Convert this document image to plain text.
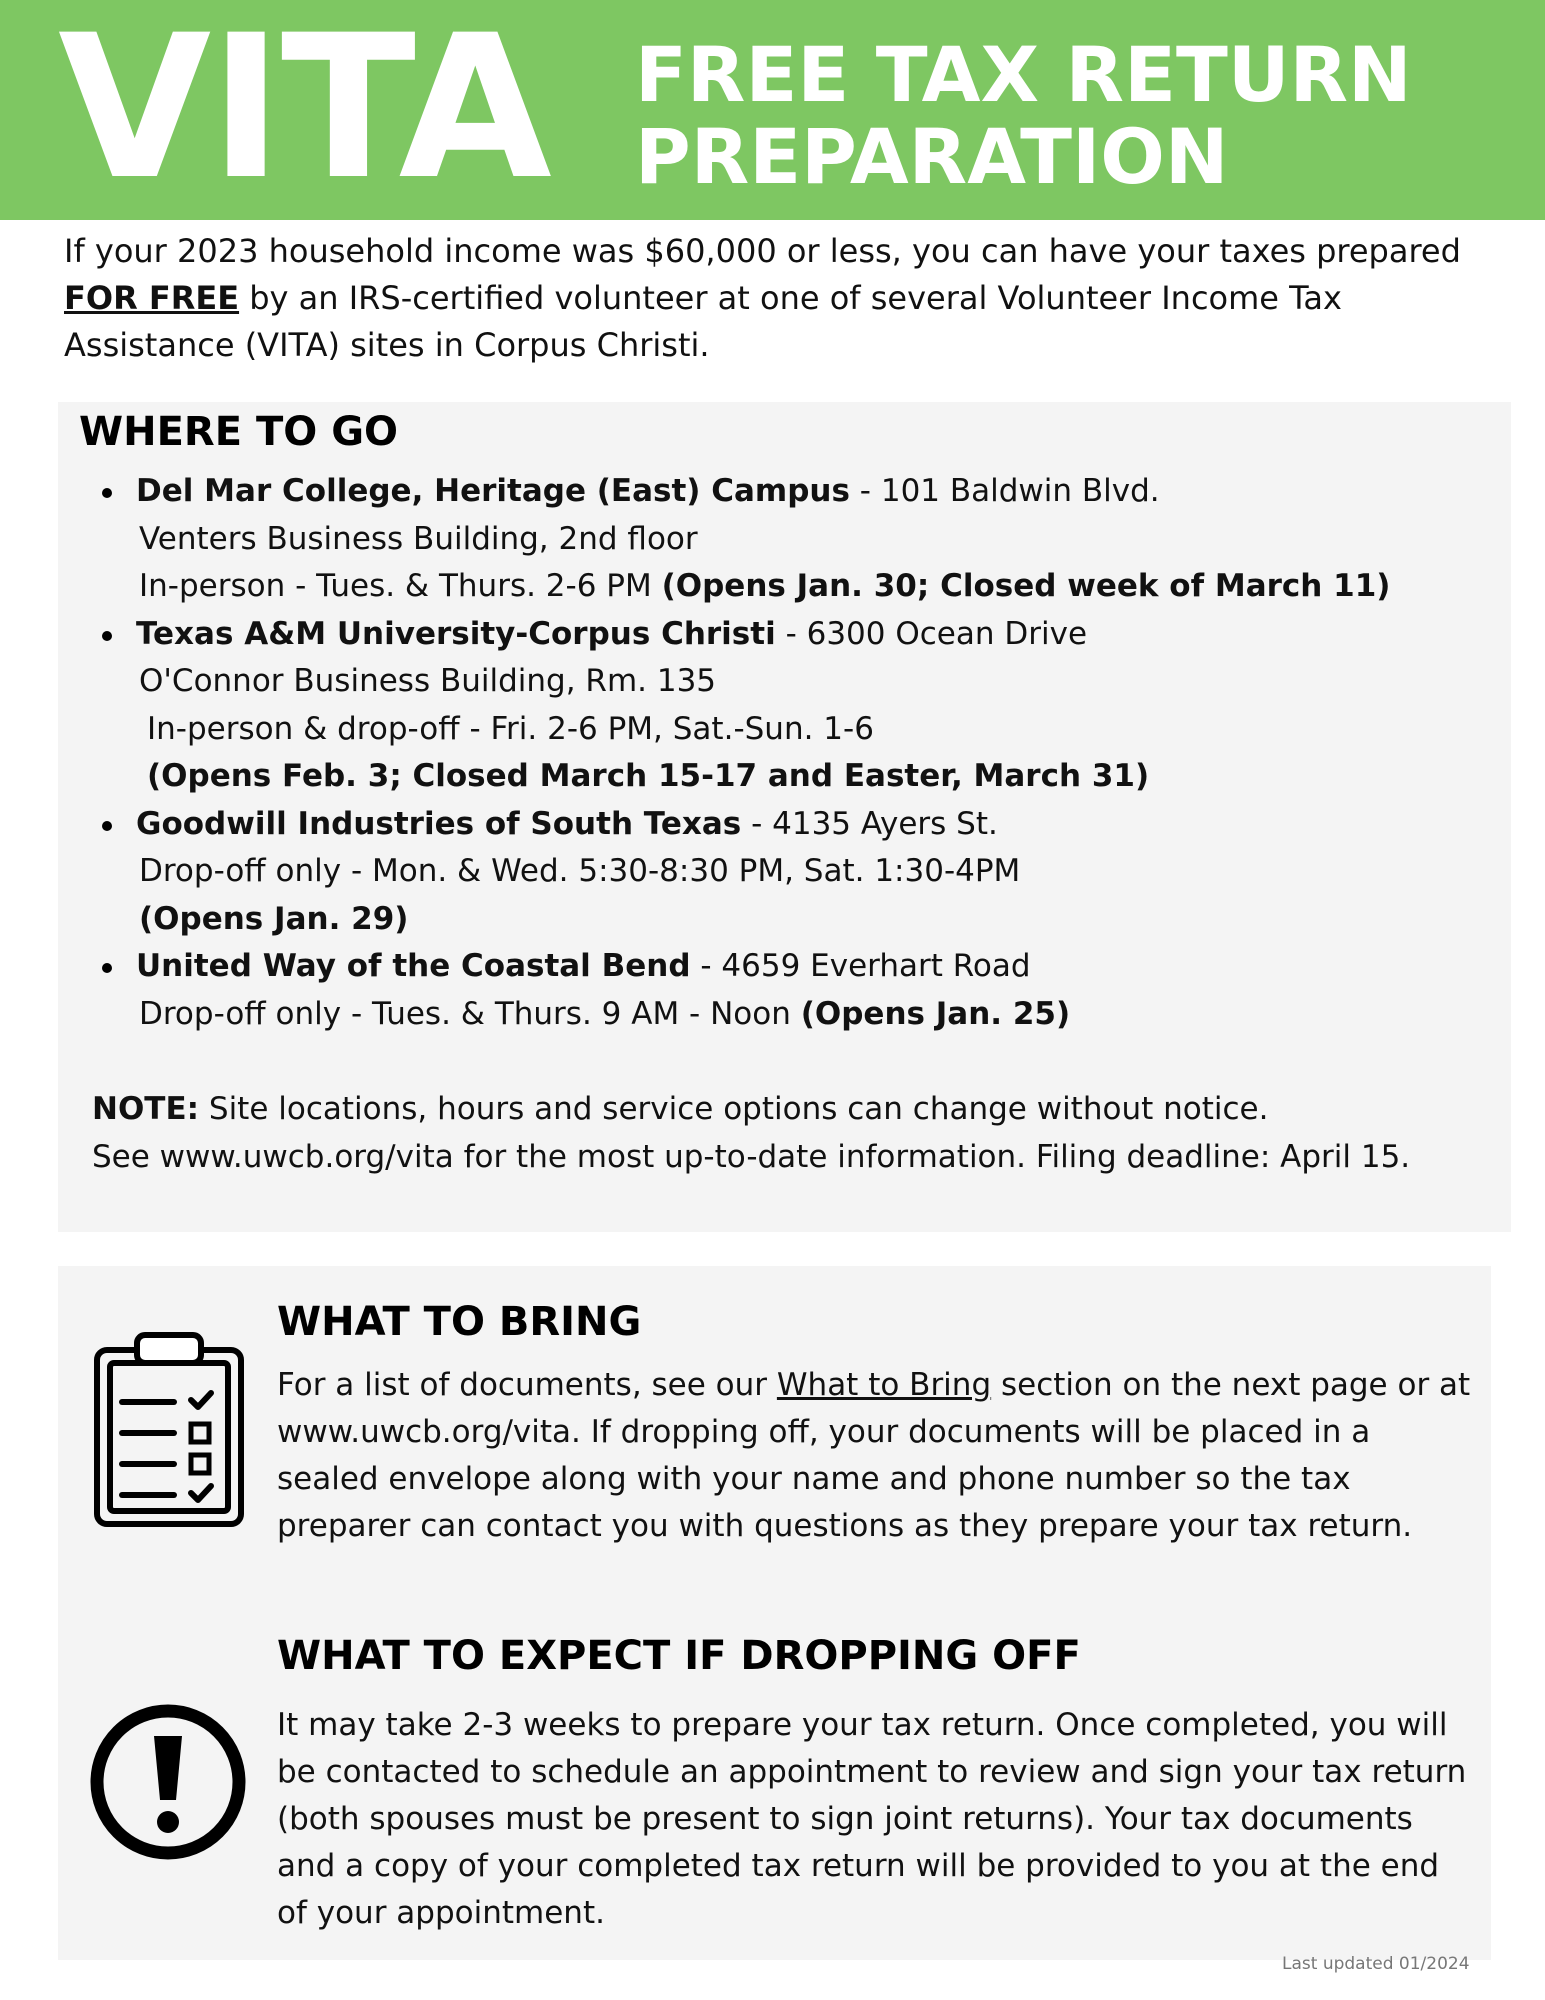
VITA FREE TAX RETURN
PREPARATION
If your 2023 household income was $60,000 or less, you can have your taxes prepared FOR FREE by an IRS-certified volunteer at one of several Volunteer Income Tax Assistance (VITA) sites in Corpus Christi.
WHERE TO GO
Del Mar College, Heritage (East) Campus - 101 Baldwin Blvd.
Venters Business Building, 2nd floor
In-person - Tues. & Thurs. 2-6 PM (Opens Jan. 30; Closed week of March 11)
Texas A&M University-Corpus Christi - 6300 Ocean Drive
O'Connor Business Building, Rm. 135
In-person & drop-off - Fri. 2-6 PM, Sat.-Sun. 1-6
(Opens Feb. 3; Closed March 15-17 and Easter, March 31)
Goodwill Industries of South Texas - 4135 Ayers St.
Drop-off only - Mon. & Wed. 5:30-8:30 PM, Sat. 1:30-4PM
(Opens Jan. 29)
United Way of the Coastal Bend - 4659 Everhart Road
Drop-off only - Tues. & Thurs. 9 AM - Noon (Opens Jan. 25)
NOTE: Site locations, hours and service options can change without notice.
See www.uwcb.org/vita for the most up-to-date information. Filing deadline: April 15.
WHAT TO BRING
For a list of documents, see our What to Bring section on the next page or at www.uwcb.org/vita. If dropping off, your documents will be placed in a sealed envelope along with your name and phone number so the tax preparer can contact you with questions as they prepare your tax return.
WHAT TO EXPECT IF DROPPING OFF
It may take 2-3 weeks to prepare your tax return. Once completed, you will be contacted to schedule an appointment to review and sign your tax return (both spouses must be present to sign joint returns). Your tax documents and a copy of your completed tax return will be provided to you at the end of your appointment.
Last updated 01/2024
